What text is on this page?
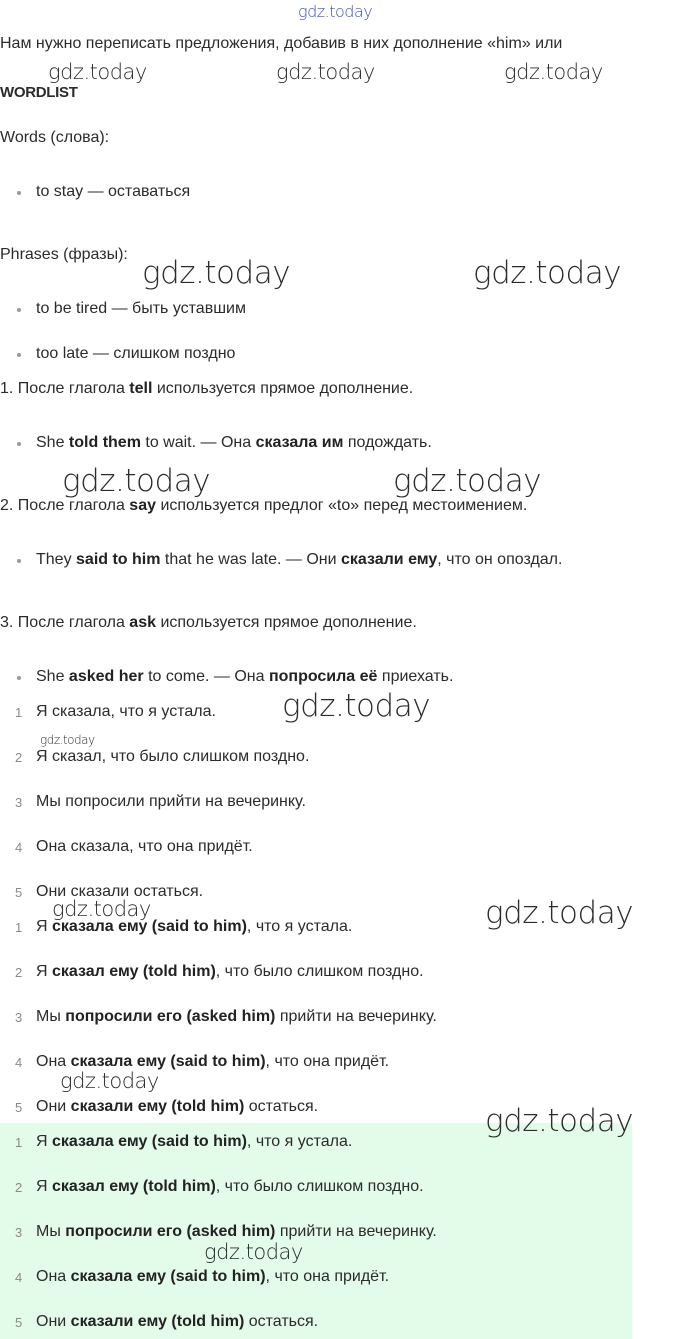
Нам нужно переписать предложения, добавив в них дополнение «him» или
WORDLIST
Words (слова):
to stay — оставаться
Phrases (фразы):
to be tired — быть уставшим
too late — слишком поздно
1. После глагола tell используется прямое дополнение.
She told them to wait. — Она сказала им подождать.
2. После глагола say используется предлог «to» перед местоимением.
They said to him that he was late. — Они сказали ему, что он опоздал.
3. После глагола ask используется прямое дополнение.
She asked her to come. — Она попросила её приехать.
1 Я сказала, что я устала.
2 Я сказал, что было слишком поздно.
3 Мы попросили прийти на вечеринку.
4 Она сказала, что она придёт.
5 Они сказали остаться.
1 Я сказала ему (said to him), что я устала.
2 Я сказал ему (told him), что было слишком поздно.
3 Мы попросили его (asked him) прийти на вечеринку.
4 Она сказала ему (said to him), что она придёт.
5 Они сказали ему (told him) остаться.
1 Я сказала ему (said to him), что я устала.
2 Я сказал ему (told him), что было слишком поздно.
3 Мы попросили его (asked him) прийти на вечеринку.
4 Она сказала ему (said to him), что она придёт.
5 Они сказали ему (told him) остаться.
gdz.today
gdz.today	gdz.today	gdz.today
gdz.today	gdz.today
gdz.today	gdz.today
gdz.today
gdz.today
gdz.today	gdz.today
gdz.today
gdz.today
gdz.today
